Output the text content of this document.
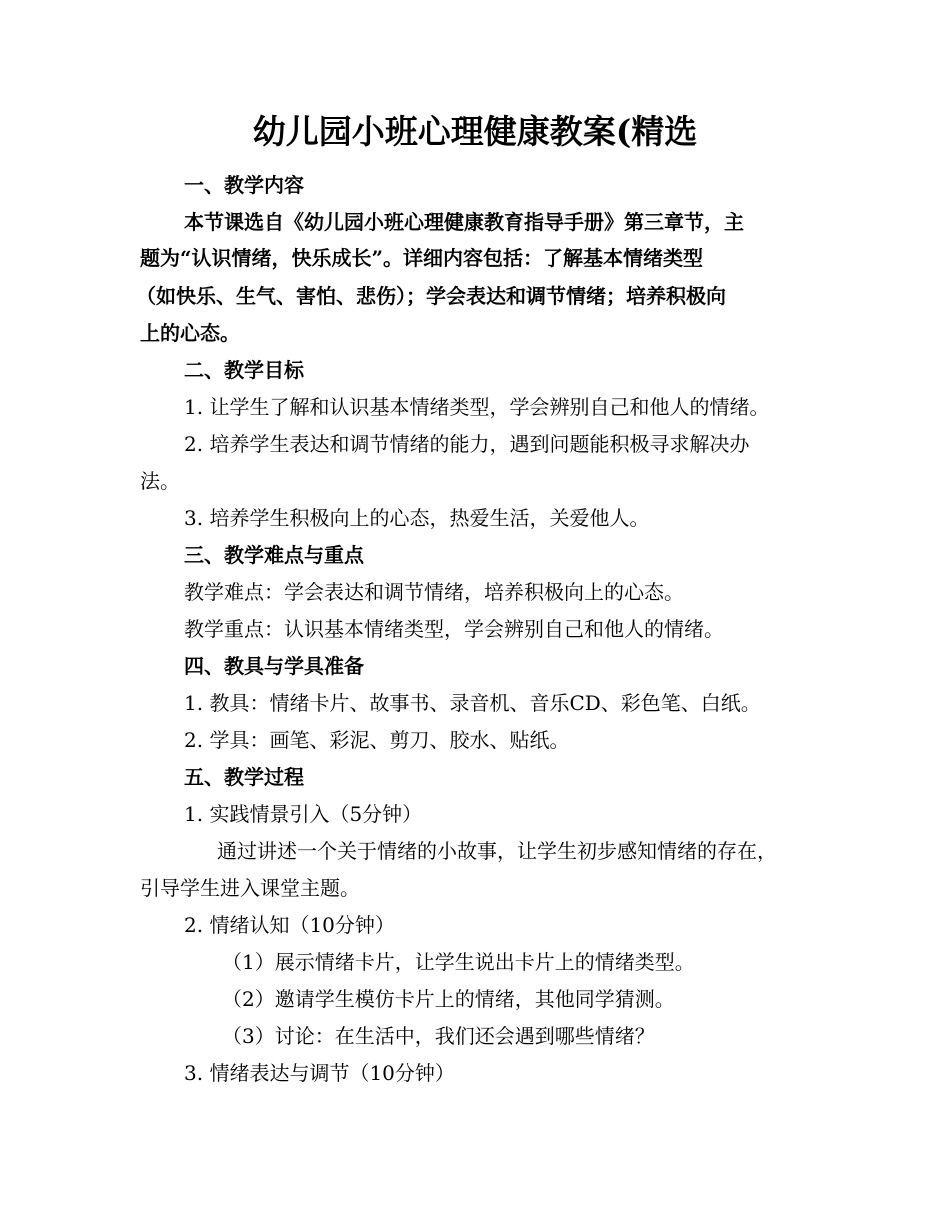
幼儿园小班心理健康教案(精选
一、教学内容
本节课选自《幼儿园小班心理健康教育指导手册》第三章节，主
题为“认识情绪，快乐成长”。详细内容包括：了解基本情绪类型
（如快乐、生气、害怕、悲伤）；学会表达和调节情绪；培养积极向
上的心态。
二、教学目标
1. 让学生了解和认识基本情绪类型，学会辨别自己和他人的情绪。
2. 培养学生表达和调节情绪的能力，遇到问题能积极寻求解决办
法。
3. 培养学生积极向上的心态，热爱生活，关爱他人。
三、教学难点与重点
教学难点：学会表达和调节情绪，培养积极向上的心态。
教学重点：认识基本情绪类型，学会辨别自己和他人的情绪。
四、教具与学具准备
1. 教具：情绪卡片、故事书、录音机、音乐CD、彩色笔、白纸。
2. 学具：画笔、彩泥、剪刀、胶水、贴纸。
五、教学过程
1. 实践情景引入（5分钟）
通过讲述一个关于情绪的小故事，让学生初步感知情绪的存在，
引导学生进入课堂主题。
2. 情绪认知（10分钟）
（1）展示情绪卡片，让学生说出卡片上的情绪类型。
（2）邀请学生模仿卡片上的情绪，其他同学猜测。
（3）讨论：在生活中，我们还会遇到哪些情绪？
3. 情绪表达与调节（10分钟）
